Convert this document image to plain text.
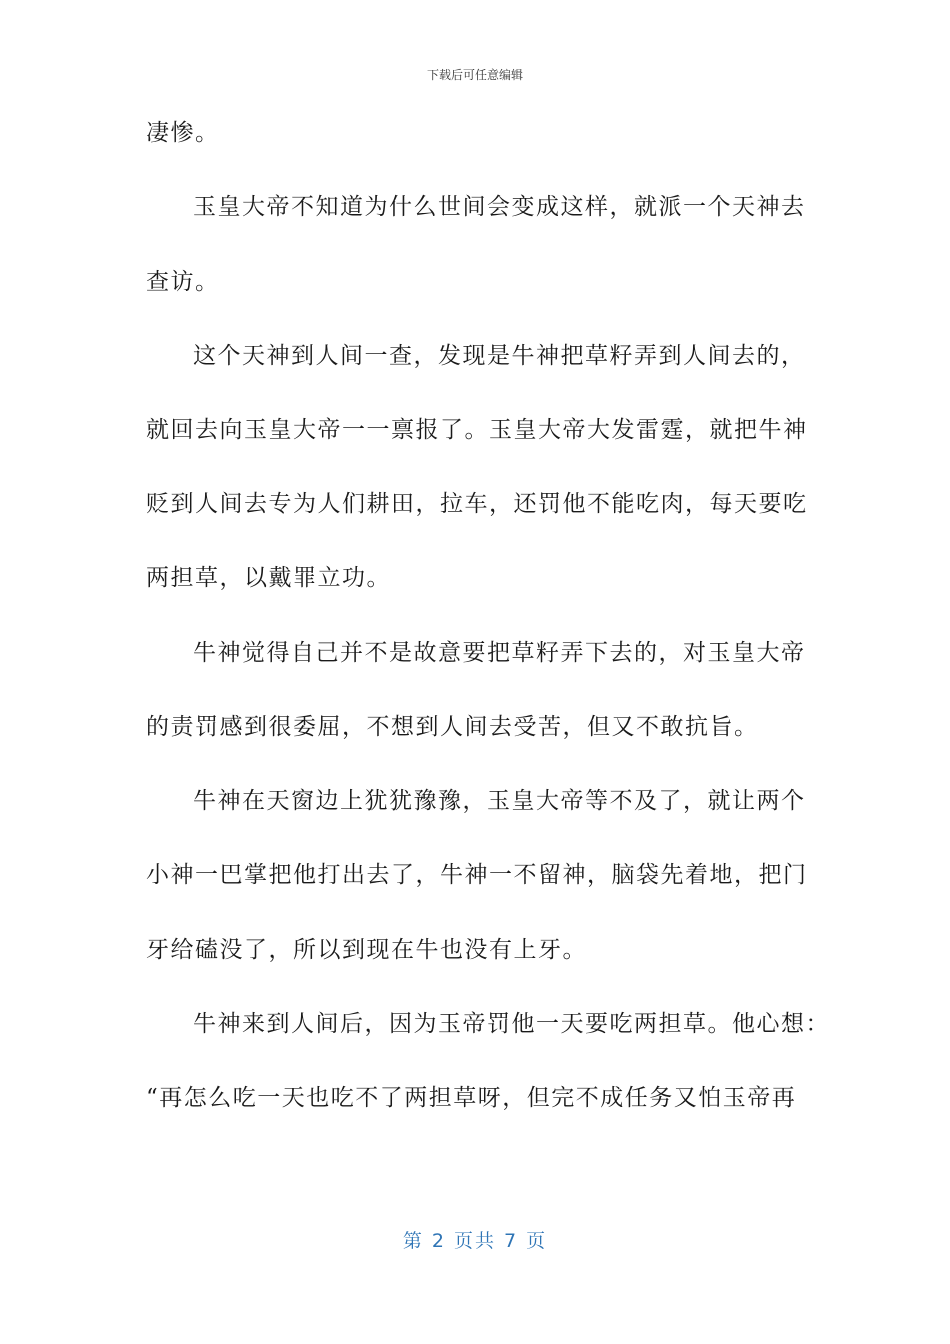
下载后可任意编辑
凄惨。
玉皇大帝不知道为什么世间会变成这样，就派一个天神去
查访。
这个天神到人间一查，发现是牛神把草籽弄到人间去的，
就回去向玉皇大帝一一禀报了。玉皇大帝大发雷霆，就把牛神
贬到人间去专为人们耕田，拉车，还罚他不能吃肉，每天要吃
两担草，以戴罪立功。
牛神觉得自己并不是故意要把草籽弄下去的，对玉皇大帝
的责罚感到很委屈，不想到人间去受苦，但又不敢抗旨。
牛神在天窗边上犹犹豫豫，玉皇大帝等不及了，就让两个
小神一巴掌把他打出去了，牛神一不留神，脑袋先着地，把门
牙给磕没了，所以到现在牛也没有上牙。
牛神来到人间后，因为玉帝罚他一天要吃两担草。他心想：
“再怎么吃一天也吃不了两担草呀，但完不成任务又怕玉帝再
第 2 页共 7 页
